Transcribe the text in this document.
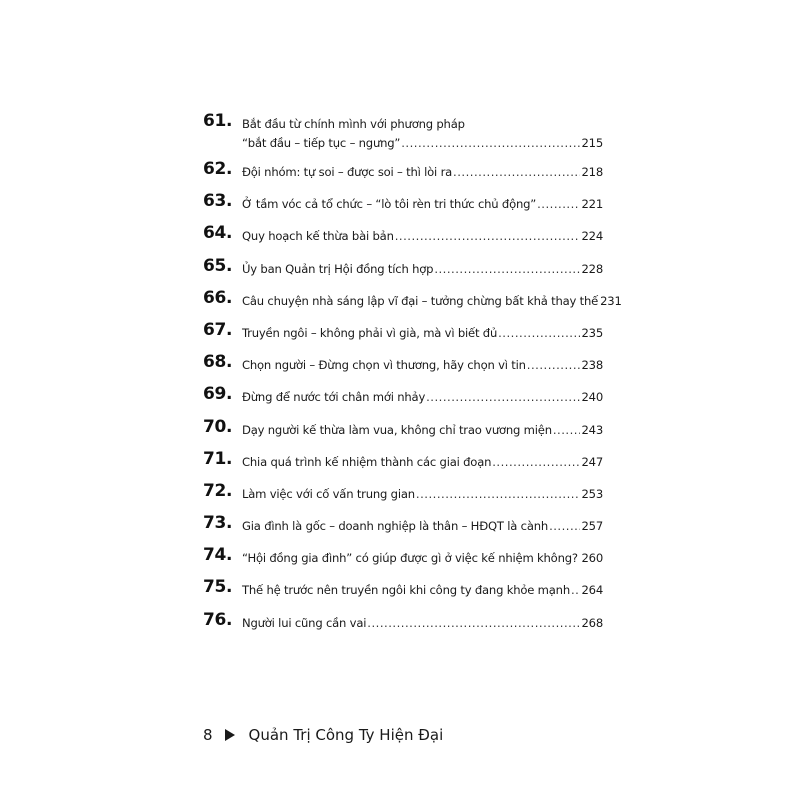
61. Bắt đầu từ chính mình với phương pháp
“bắt đầu – tiếp tục – ngưng” .....	215
62. Đội nhóm: tự soi – được soi – thì lòi ra .....	218
63. Ở tầm vóc cả tổ chức – “lò tôi rèn tri thức chủ động” .....	221
64. Quy hoạch kế thừa bài bản .....	224
65. Ủy ban Quản trị Hội đồng tích hợp .....	228
66. Câu chuyện nhà sáng lập vĩ đại – tưởng chừng bất khả thay thế 231
67. Truyền ngôi – không phải vì già, mà vì biết đủ .....	235
68. Chọn người – Đừng chọn vì thương, hãy chọn vì tin .....	238
69. Đừng để nước tới chân mới nhảy .....	240
70. Dạy người kế thừa làm vua, không chỉ trao vương miện .....	243
71. Chia quá trình kế nhiệm thành các giai đoạn .....	247
72. Làm việc với cố vấn trung gian .....	253
73. Gia đình là gốc – doanh nghiệp là thân – HĐQT là cành .....	257
74. “Hội đồng gia đình” có giúp được gì ở việc kế nhiệm không? ..... 260
75. Thế hệ trước nên truyền ngôi khi công ty đang khỏe mạnh ..... 264
76. Người lui cũng cần vai .....	268
8 Quản Trị Công Ty Hiện Đại
